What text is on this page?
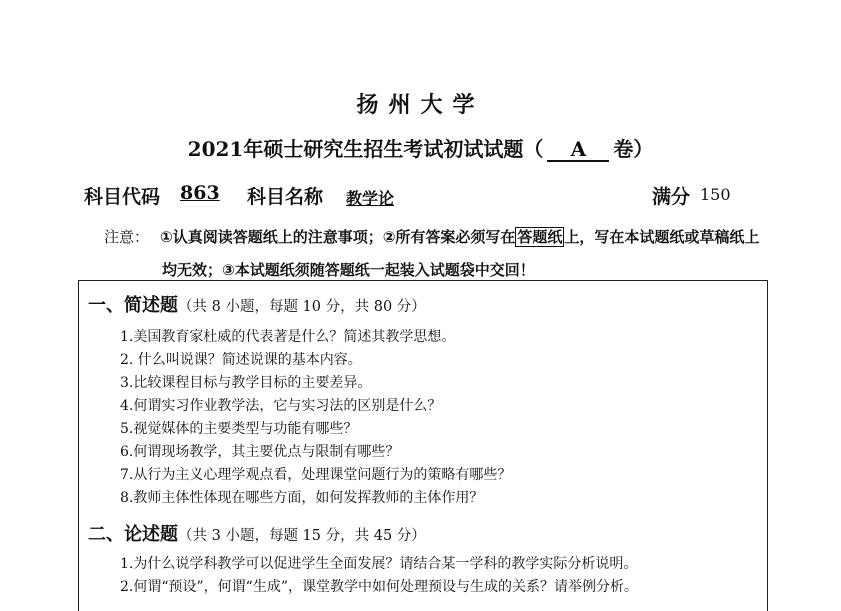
扬州大学
2021年硕士研究生招生考试初试试题（ A 卷）
科目代码 863 科目名称 教学论	满分 150
注意： ①认真阅读答题纸上的注意事项；②所有答案必须写在 答题纸 上，写在本试题纸或草稿纸上
均无效；③本试题纸须随答题纸一起装入试题袋中交回！
一、简述题（共 8 小题，每题 10 分，共 80 分）
1.美国教育家杜威的代表著是什么？简述其教学思想。
2. 什么叫说课？简述说课的基本内容。
3.比较课程目标与教学目标的主要差异。
4.何谓实习作业教学法，它与实习法的区别是什么？
5.视觉媒体的主要类型与功能有哪些？
6.何谓现场教学，其主要优点与限制有哪些？
7.从行为主义心理学观点看，处理课堂问题行为的策略有哪些？
8.教师主体性体现在哪些方面，如何发挥教师的主体作用？
二、论述题（共 3 小题，每题 15 分，共 45 分）
1.为什么说学科教学可以促进学生全面发展？请结合某一学科的教学实际分析说明。
2.何谓“预设”，何谓“生成”，课堂教学中如何处理预设与生成的关系？请举例分析。
